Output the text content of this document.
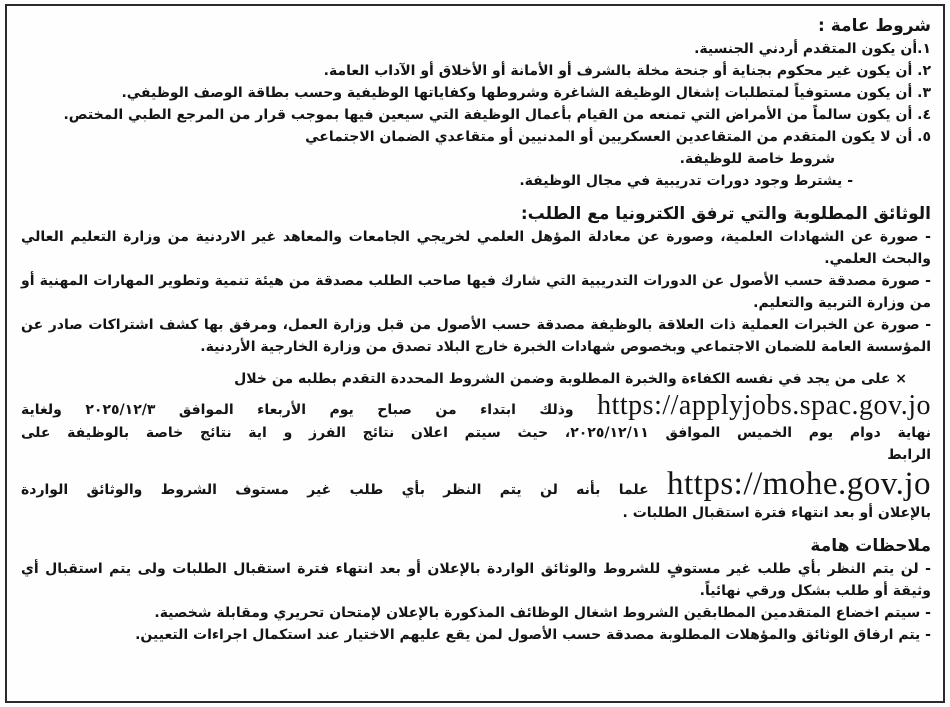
شروط عامة :

١.أن يكون المتقدم أردني الجنسية.

٢. أن يكون غير محكوم بجناية أو جنحة مخلة بالشرف أو الأمانة أو الأخلاق أو الآداب العامة.

٣. أن يكون مستوفياً لمتطلبات إشغال الوظيفة الشاغرة وشروطها وكفاياتها الوظيفية وحسب بطاقة الوصف الوظيفي.

٤. أن يكون سالماً من الأمراض التي تمنعه من القيام بأعمال الوظيفة التي سيعين فيها بموجب قرار من المرجع الطبي المختص.

٥. أن لا يكون المتقدم من المتقاعدين العسكريين أو المدنيين أو متقاعدي الضمان الاجتماعي

شروط خاصة للوظيفة.

- يشترط وجود دورات تدريبية في مجال الوظيفة.

الوثائق المطلوبة والتي ترفق الكترونيا مع الطلب:

- صورة عن الشهادات العلمية، وصورة عن معادلة المؤهل العلمي لخريجي الجامعات والمعاهد غير الاردنية من وزارة التعليم العالي والبحث العلمي.

- صورة مصدقة حسب الأصول عن الدورات التدريبية التي شارك فيها صاحب الطلب مصدقة من هيئة تنمية وتطوير المهارات المهنية أو من وزارة التربية والتعليم.

- صورة عن الخبرات العملية ذات العلاقة بالوظيفة مصدقة حسب الأصول من قبل وزارة العمل، ومرفق بها كشف اشتراكات صادر عن المؤسسة العامة للضمان الاجتماعي وبخصوص شهادات الخبرة خارج البلاد تصدق من وزارة الخارجية الأردنية.

× على من يجد في نفسه الكفاءة والخبرة المطلوبة وضمن الشروط المحددة التقدم بطلبه من خلال

https://applyjobs.spac.gov.jo وذلك ابتداء من صباح يوم الأربعاء الموافق ٢٠٢٥/١٢/٣ ولغاية

نهاية دوام يوم الخميس الموافق ٢٠٢٥/١٢/١١، حيث سيتم اعلان نتائج الفرز و اية نتائج خاصة بالوظيفة على

الرابط

https://mohe.gov.jo علما بأنه لن يتم النظر بأي طلب غير مستوف الشروط والوثائق الواردة

بالإعلان أو بعد انتهاء فترة استقبال الطلبات .

ملاحظات هامة

- لن يتم النظر بأي طلب غير مستوفٍ للشروط والوثائق الواردة بالإعلان أو بعد انتهاء فترة استقبال الطلبات ولى يتم استقبال أي وثيقة أو طلب بشكل ورقي نهائياً.

- سيتم اخضاع المتقدمين المطابقين الشروط اشغال الوظائف المذكورة بالإعلان لإمتحان تحريري ومقابلة شخصية.

- يتم ارفاق الوثائق والمؤهلات المطلوبة مصدقة حسب الأصول لمن يقع عليهم الاختيار عند استكمال اجراءات التعيين.
